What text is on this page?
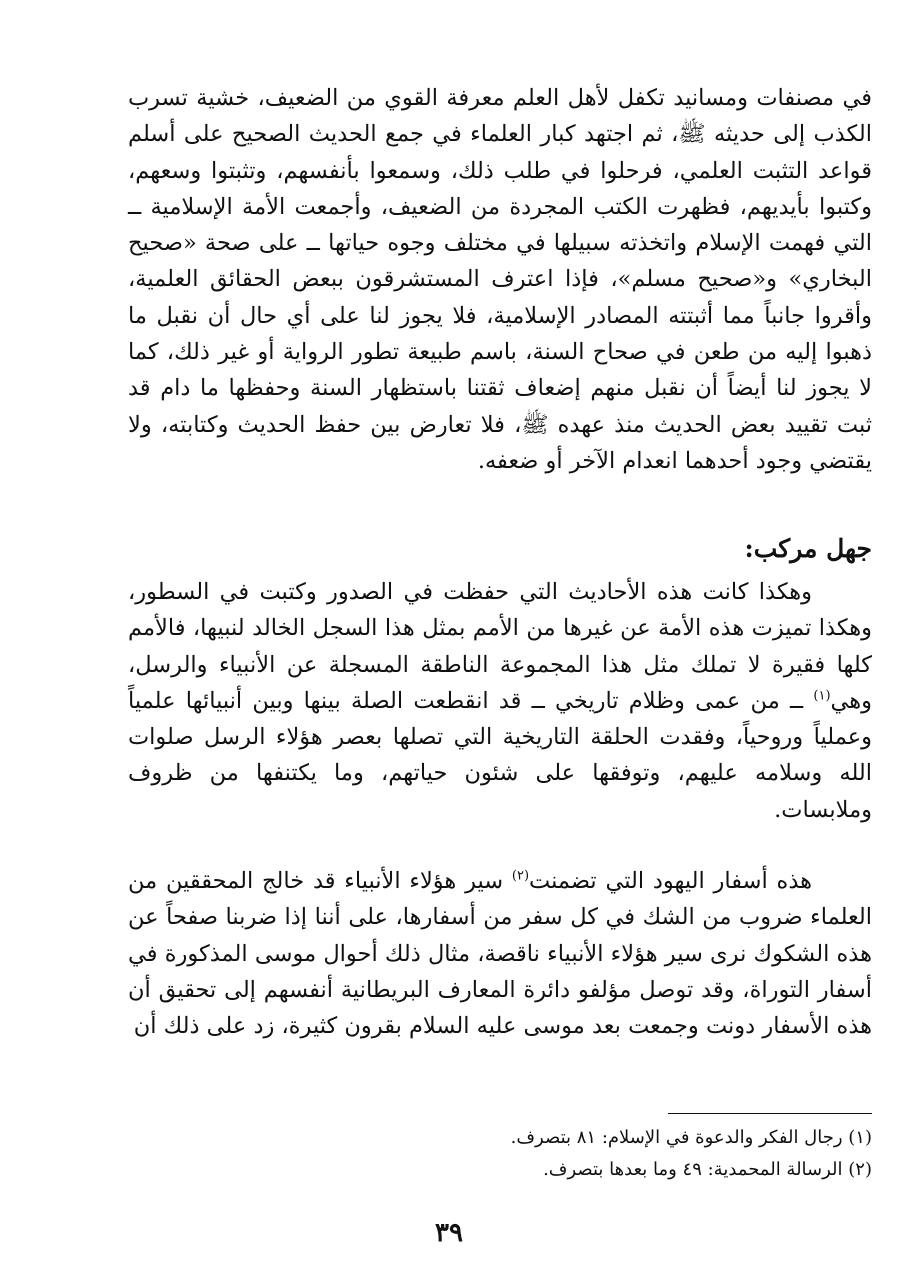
في مصنفات ومسانيد تكفل لأهل العلم معرفة القوي من الضعيف، خشية تسرب الكذب إلى حديثه ﷺ، ثم اجتهد كبار العلماء في جمع الحديث الصحيح على أسلم قواعد التثبت العلمي، فرحلوا في طلب ذلك، وسمعوا بأنفسهم، وتثبتوا وسعهم، وكتبوا بأيديهم، فظهرت الكتب المجردة من الضعيف، وأجمعت الأمة الإسلامية ــ التي فهمت الإسلام واتخذته سبيلها في مختلف وجوه حياتها ــ على صحة «صحيح البخاري» و«صحيح مسلم»، فإذا اعترف المستشرقون ببعض الحقائق العلمية، وأقروا جانباً مما أثبتته المصادر الإسلامية، فلا يجوز لنا على أي حال أن نقبل ما ذهبوا إليه من طعن في صحاح السنة، باسم طبيعة تطور الرواية أو غير ذلك، كما لا يجوز لنا أيضاً أن نقبل منهم إضعاف ثقتنا باستظهار السنة وحفظها ما دام قد ثبت تقييد بعض الحديث منذ عهده ﷺ، فلا تعارض بين حفظ الحديث وكتابته، ولا يقتضي وجود أحدهما انعدام الآخر أو ضعفه.

جهل مركب:

وهكذا كانت هذه الأحاديث التي حفظت في الصدور وكتبت في السطور، وهكذا تميزت هذه الأمة عن غيرها من الأمم بمثل هذا السجل الخالد لنبيها، فالأمم كلها فقيرة لا تملك مثل هذا المجموعة الناطقة المسجلة عن الأنبياء والرسل، وهي$^{(١)}$ ــ من عمى وظلام تاريخي ــ قد انقطعت الصلة بينها وبين أنبيائها علمياً وعملياً وروحياً، وفقدت الحلقة التاريخية التي تصلها بعصر هؤلاء الرسل صلوات الله وسلامه عليهم، وتوفقها على شئون حياتهم، وما يكتنفها من ظروف وملابسات.

هذه أسفار اليهود التي تضمنت$^{(٢)}$ سير هؤلاء الأنبياء قد خالج المحققين من العلماء ضروب من الشك في كل سفر من أسفارها، على أننا إذا ضربنا صفحاً عن هذه الشكوك نرى سير هؤلاء الأنبياء ناقصة، مثال ذلك أحوال موسى المذكورة في أسفار التوراة، وقد توصل مؤلفو دائرة المعارف البريطانية أنفسهم إلى تحقيق أن هذه الأسفار دونت وجمعت بعد موسى عليه السلام بقرون كثيرة، زد على ذلك أن

(١) رجال الفكر والدعوة في الإسلام: ٨١ بتصرف.

(٢) الرسالة المحمدية: ٤٩ وما بعدها بتصرف.

٣٩
